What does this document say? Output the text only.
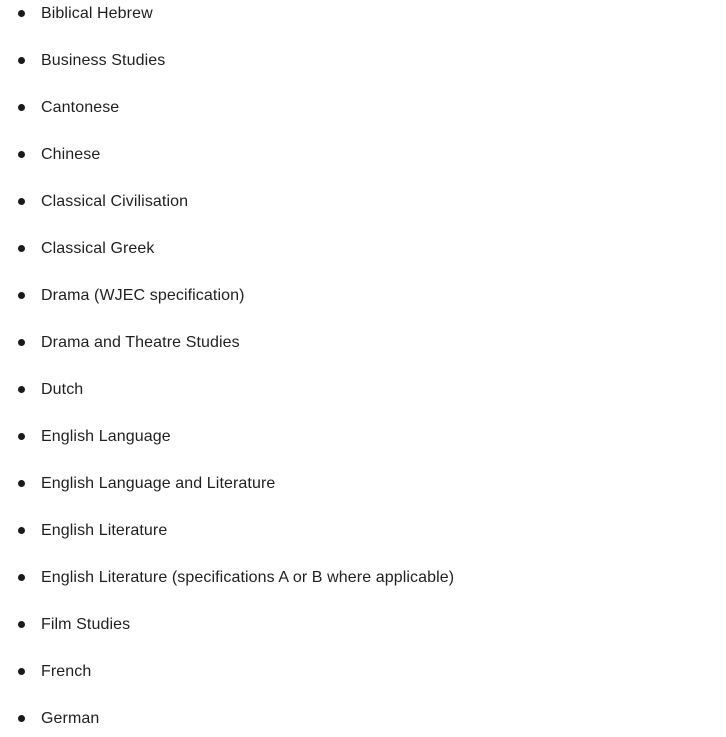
Biblical Hebrew
Business Studies
Cantonese
Chinese
Classical Civilisation
Classical Greek
Drama (WJEC specification)
Drama and Theatre Studies
Dutch
English Language
English Language and Literature
English Literature
English Literature (specifications A or B where applicable)
Film Studies
French
German
